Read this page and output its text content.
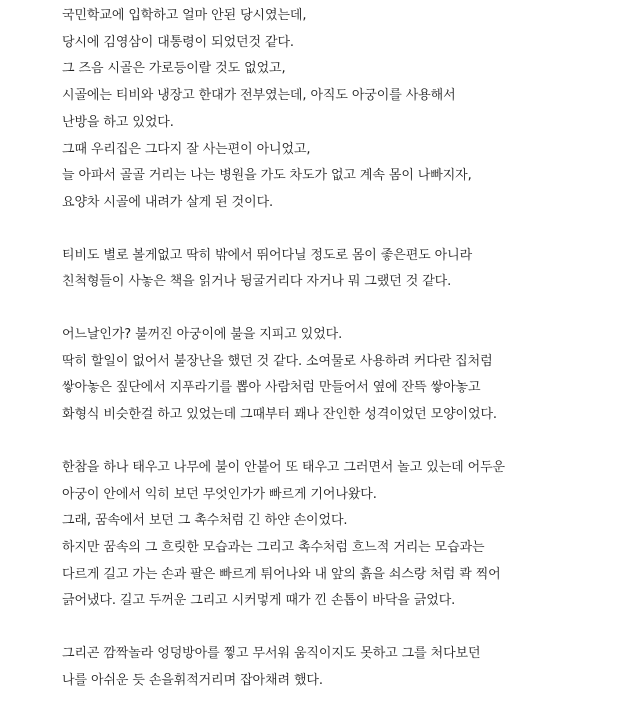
국민학교에 입학하고 얼마 안된 당시였는데,
당시에 김영삼이 대통령이 되었던것 같다.
그 즈음 시골은 가로등이랄 것도 없었고,
시골에는 티비와 냉장고 한대가 전부였는데, 아직도 아궁이를 사용해서
난방을 하고 있었다.
그때 우리집은 그다지 잘 사는편이 아니었고,
늘 아파서 골골 거리는 나는 병원을 가도 차도가 없고 계속 몸이 나빠지자,
요양차 시골에 내려가 살게 된 것이다.
티비도 별로 볼게없고 딱히 밖에서 뛰어다닐 정도로 몸이 좋은편도 아니라
친척형들이 사놓은 책을 읽거나 뒹굴거리다 자거나 뭐 그랬던 것 같다.
어느날인가? 불꺼진 아궁이에 불을 지피고 있었다.
딱히 할일이 없어서 불장난을 했던 것 같다. 소여물로 사용하려 커다란 집처럼
쌓아놓은 짚단에서 지푸라기를 뽑아 사람처럼 만들어서 옆에 잔뜩 쌓아놓고
화형식 비슷한걸 하고 있었는데 그때부터 꽤나 잔인한 성격이었던 모양이었다.
한참을 하나 태우고 나무에 불이 안붙어 또 태우고 그러면서 놀고 있는데 어두운
아궁이 안에서 익히 보던 무엇인가가 빠르게 기어나왔다.
그래, 꿈속에서 보던 그 촉수처럼 긴 하얀 손이었다.
하지만 꿈속의 그 흐릿한 모습과는 그리고 촉수처럼 흐느적 거리는 모습과는
다르게 길고 가는 손과 팔은 빠르게 튀어나와 내 앞의 흙을 쇠스랑 처럼 콱 찍어
긁어냈다. 길고 두꺼운 그리고 시커멓게 때가 낀 손톱이 바닥을 긁었다.
그리곤 깜짝놀라 엉덩방아를 찧고 무서워 움직이지도 못하고 그를 처다보던
나를 아쉬운 듯 손을휘적거리며 잡아채려 했다.
